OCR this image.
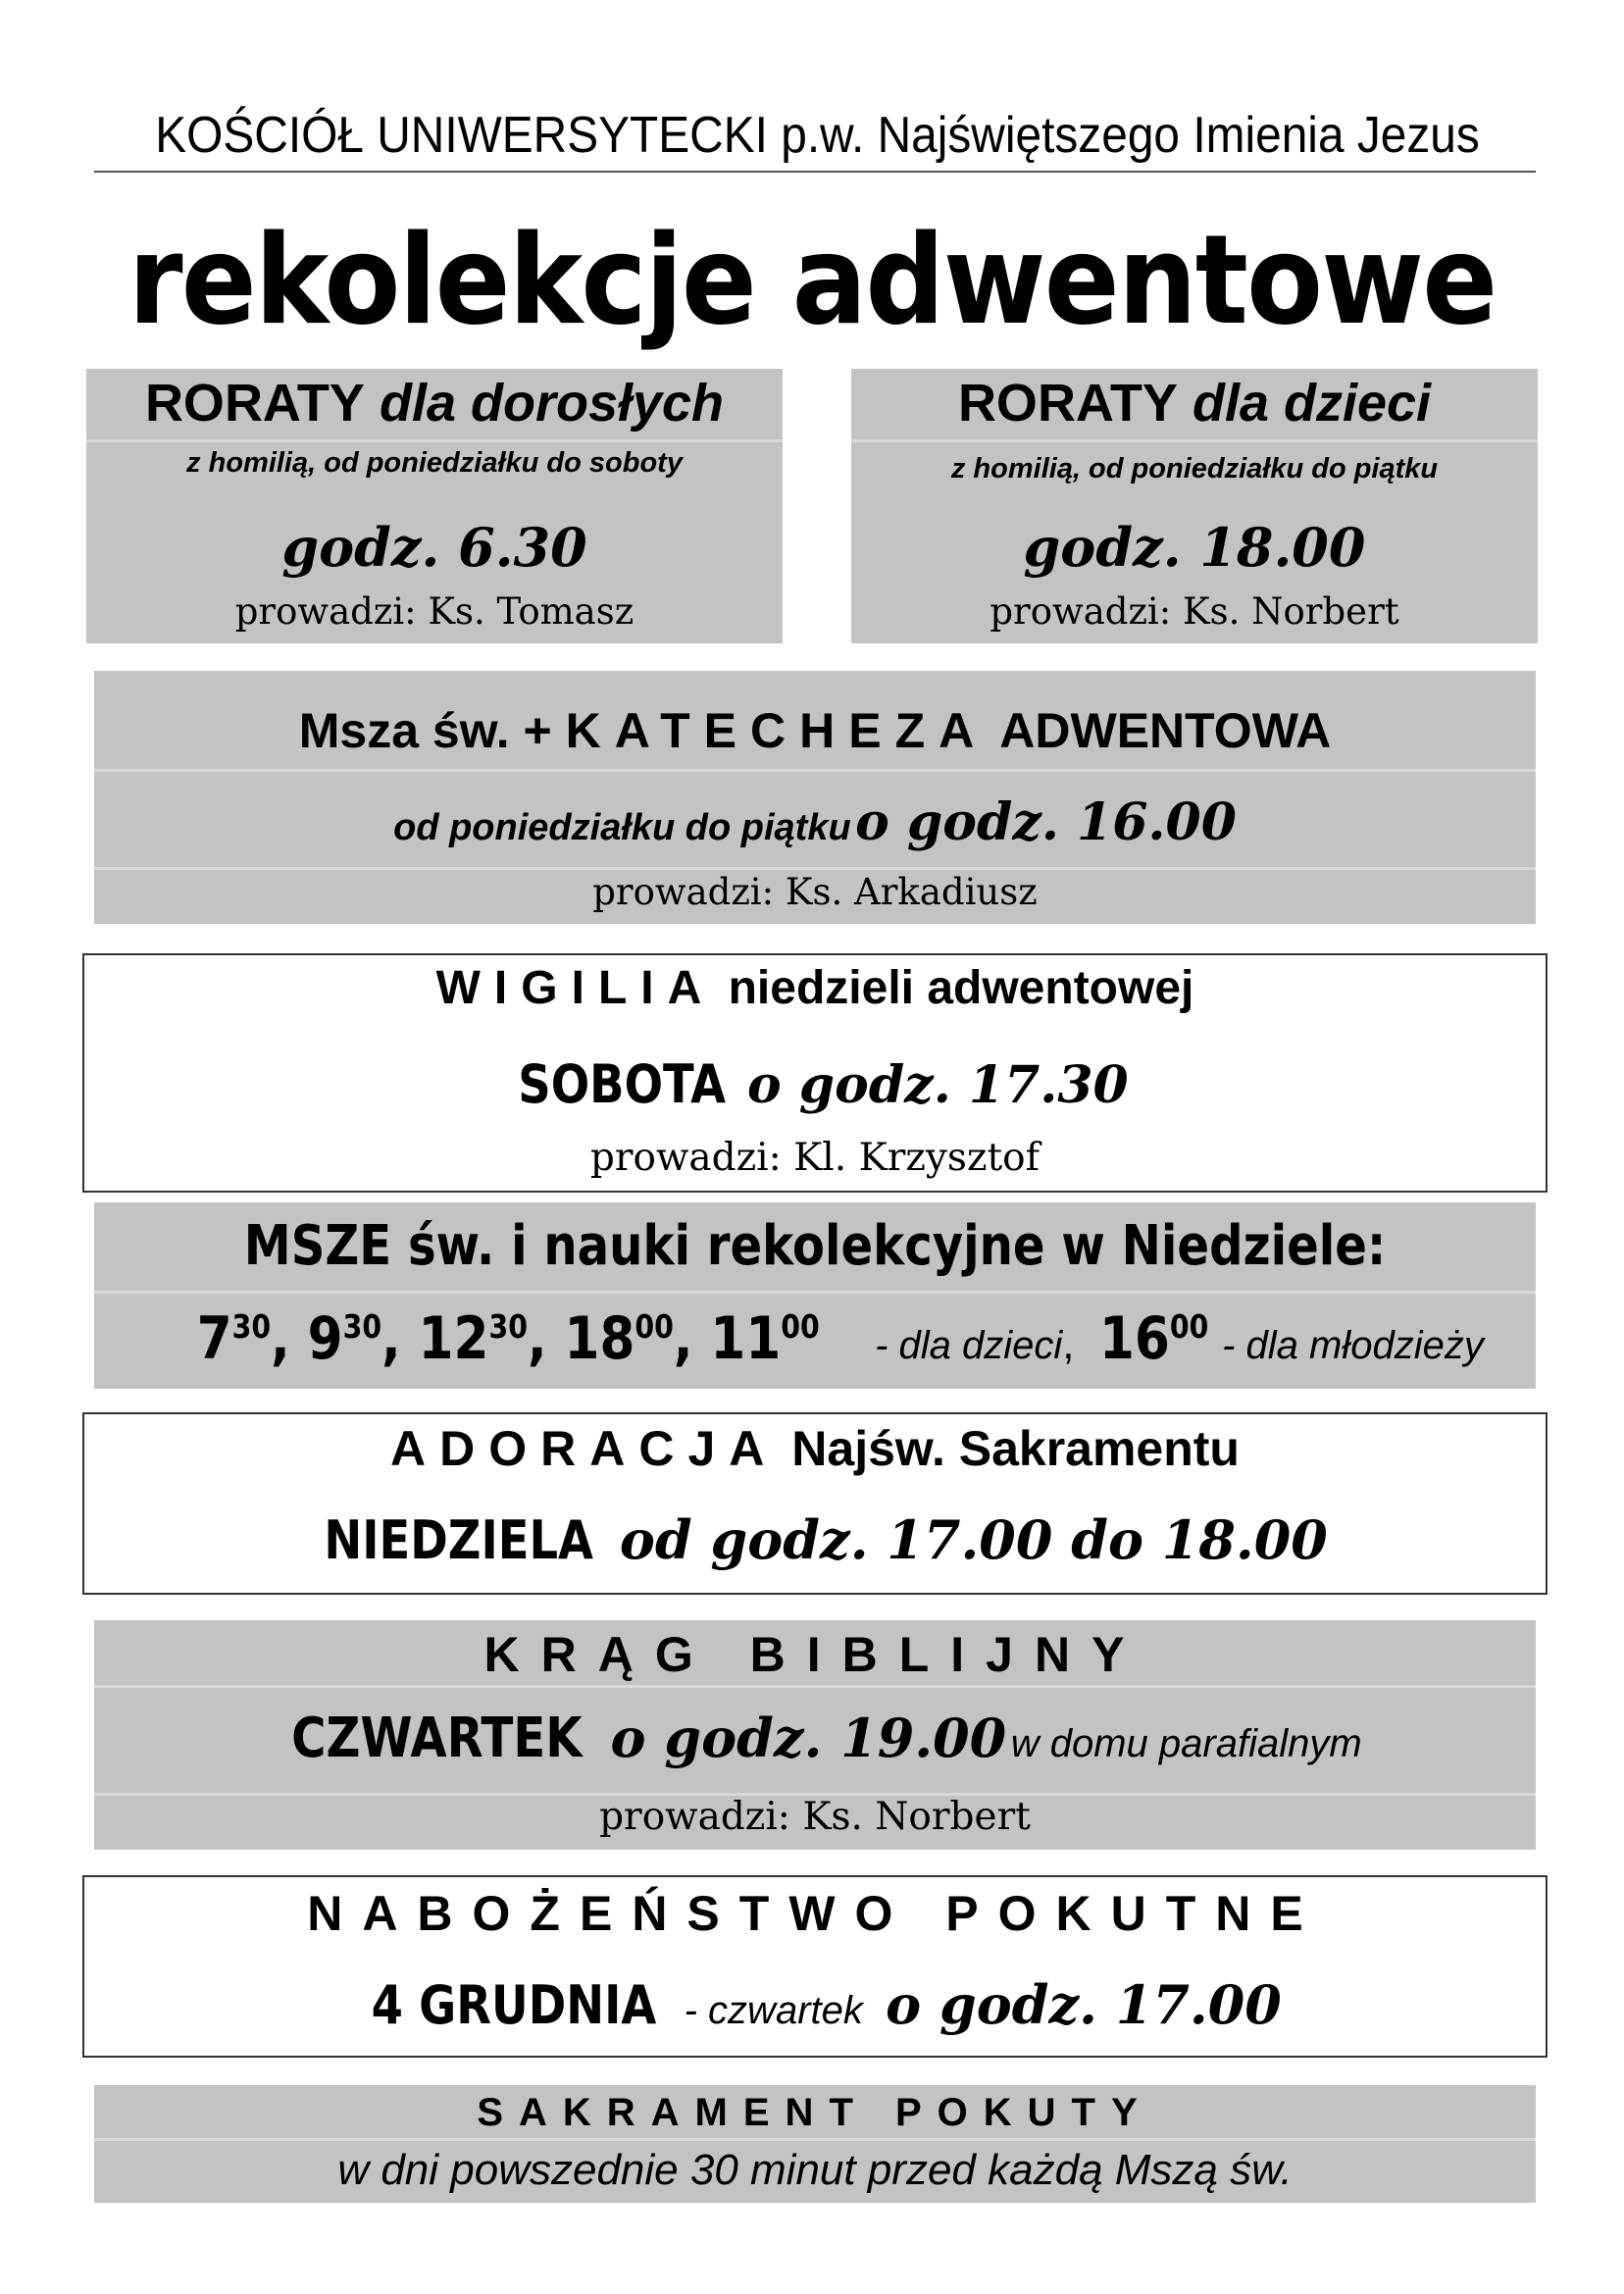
KOŚCIÓŁ UNIWERSYTECKI p.w. Najświętszego Imienia Jezus
rekolekcje adwentowe
RORATY dla dorosłych
z homilią, od poniedziałku do soboty
godz. 6.30
prowadzi: Ks. Tomasz
RORATY dla dzieci
z homilią, od poniedziałku do piątku
godz. 18.00
prowadzi: Ks. Norbert
Msza św. + KATECHEZA ADWENTOWA
od poniedziałku do piątku o godz. 16.00
prowadzi: Ks. Arkadiusz
WIGILIA niedzieli adwentowej
SOBOTA o godz. 17.30
prowadzi: Kl. Krzysztof
MSZE św. i nauki rekolekcyjne w Niedziele:
$7^{30}$, $9^{30}$, $12^{30}$, $18^{00}$, $11^{00}$ - dla dzieci,  $16^{00}$ - dla młodzieży
ADORACJA Najśw. Sakramentu
NIEDZIELA od godz. 17.00 do 18.00
KRĄG BIBLIJNY
CZWARTEK o godz. 19.00 w domu parafialnym
prowadzi: Ks. Norbert
NABOŻEŃSTWO POKUTNE
4 GRUDNIA - czwartek o godz. 17.00
SAKRAMENT POKUTY
w dni powszednie 30 minut przed każdą Mszą św.
